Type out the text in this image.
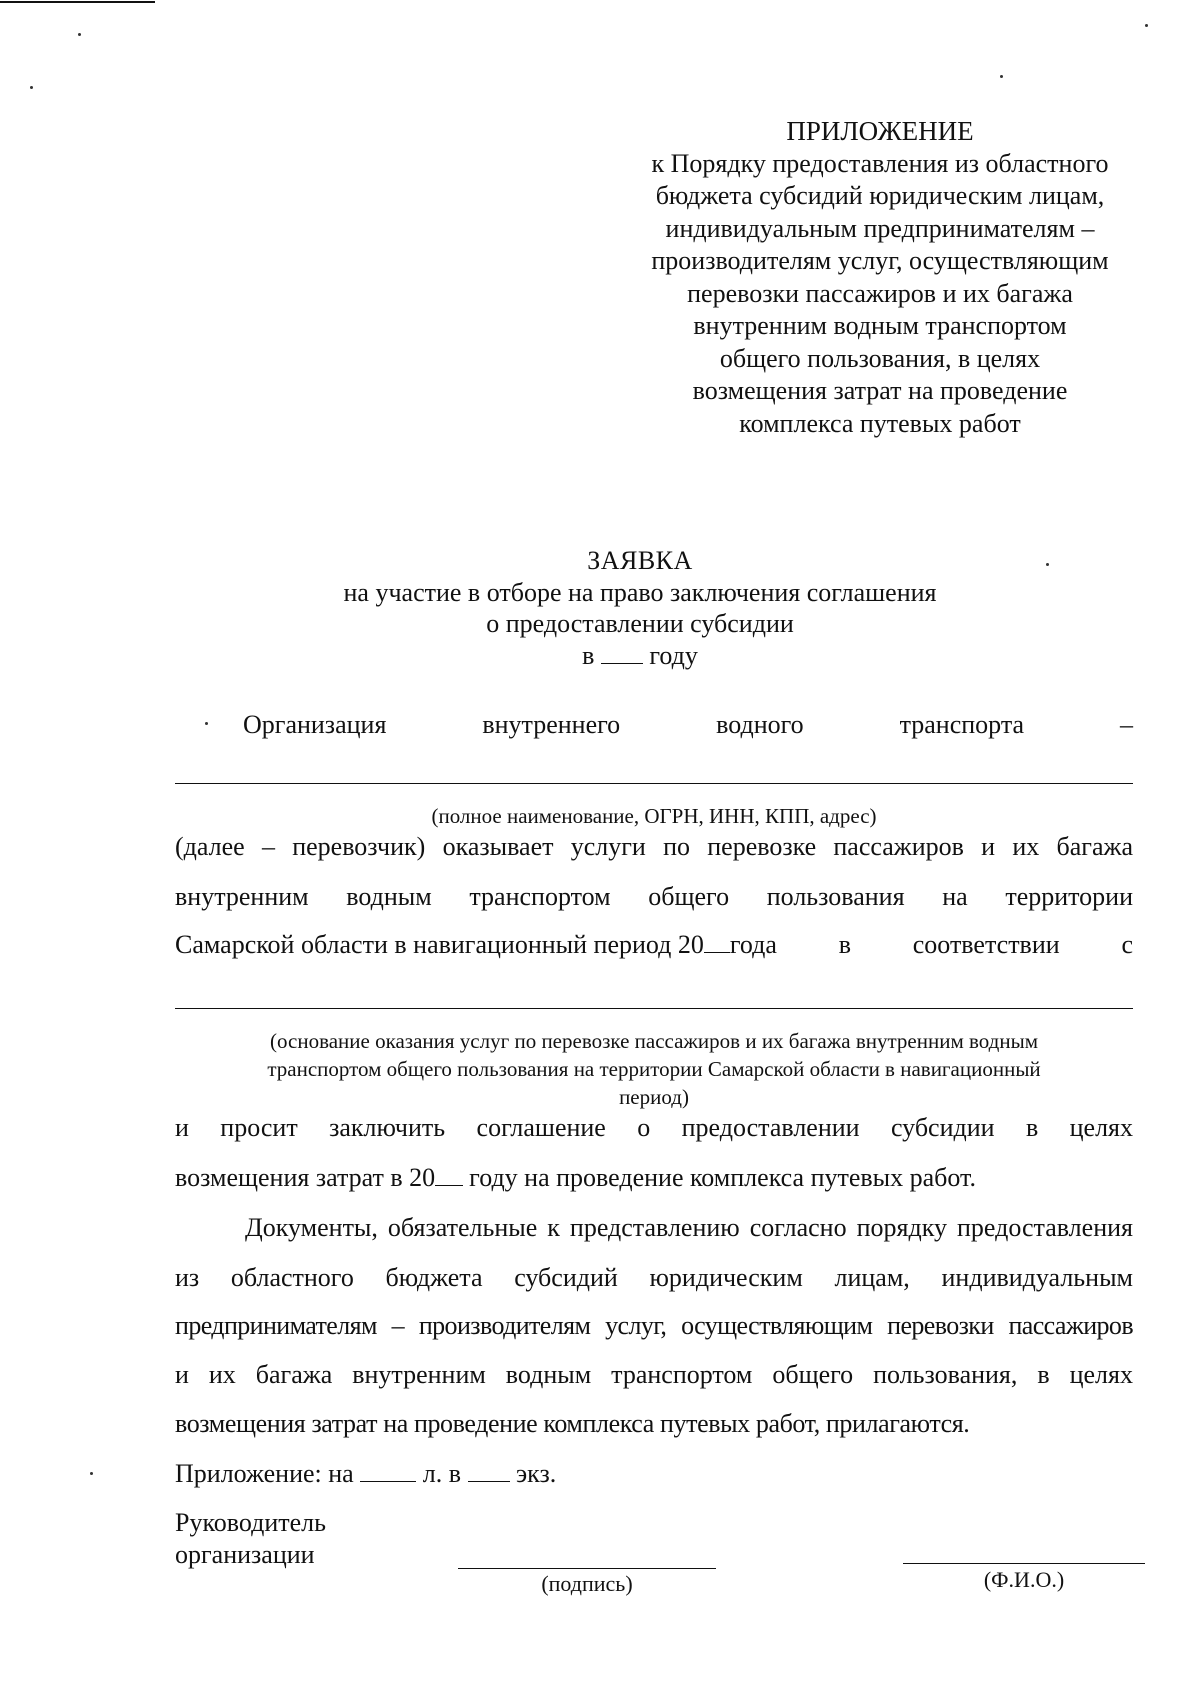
ПРИЛОЖЕНИЕ
к Порядку предоставления из областного
бюджета субсидий юридическим лицам,
индивидуальным предпринимателям –
производителям услуг, осуществляющим
перевозки пассажиров и их багажа
внутренним водным транспортом
общего пользования, в целях
возмещения затрат на проведение
комплекса путевых работ
ЗАЯВКА
на участие в отборе на право заключения соглашения
о предоставлении субсидии
в году
Организация	внутреннего	водного	транспорта	–
(полное наименование, ОГРН, ИНН, КПП, адрес)
(далее – перевозчик) оказывает услуги по перевозке пассажиров и их багажа
внутренним водным транспортом общего пользования на территории
Самарской области в навигационный период 20	года в соответствии с
(основание оказания услуг по перевозке пассажиров и их багажа внутренним водным
транспортом общего пользования на территории Самарской области в навигационный
период)
и просит заключить соглашение о предоставлении субсидии в целях
возмещения затрат в 20 году на проведение комплекса путевых работ.
Документы, обязательные к представлению согласно порядку предоставления
из областного бюджета субсидий юридическим лицам, индивидуальным
предпринимателям – производителям услуг, осуществляющим перевозки пассажиров
и их багажа внутренним водным транспортом общего пользования, в целях
возмещения затрат на проведение комплекса путевых работ, прилагаются.
Приложение: на	л. в экз.
Руководитель
организации
(подпись)	(Ф.И.О.)
